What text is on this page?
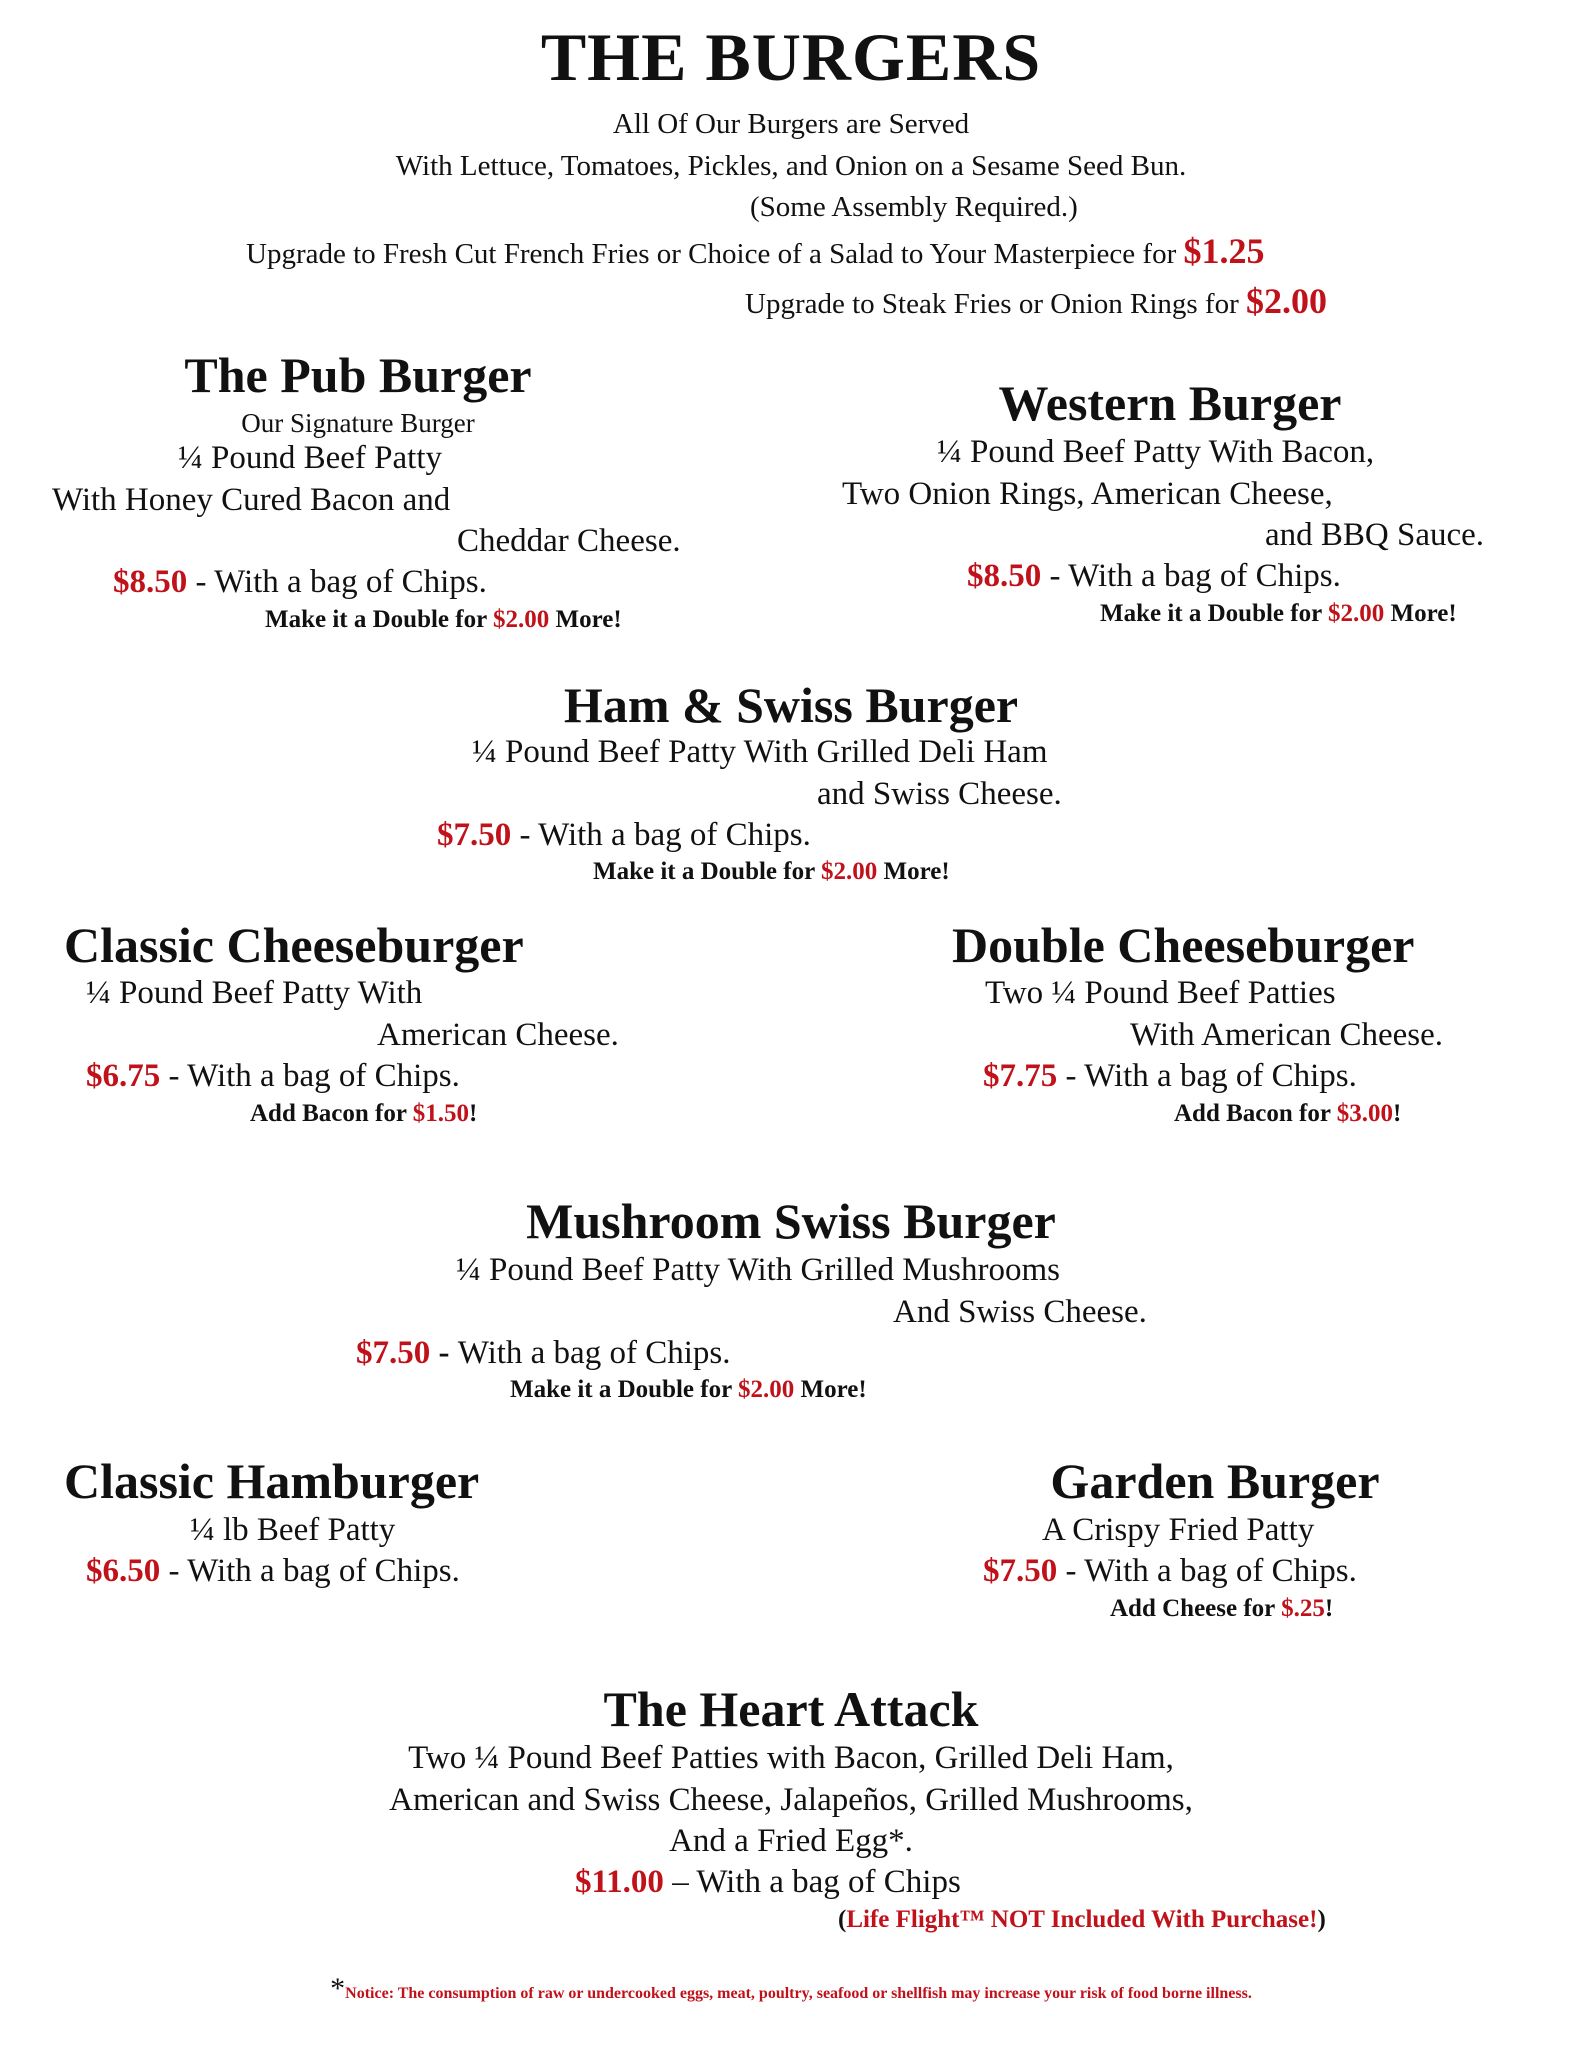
THE BURGERS
All Of Our Burgers are Served
With Lettuce, Tomatoes, Pickles, and Onion on a Sesame Seed Bun.
(Some Assembly Required.)
Upgrade to Fresh Cut French Fries or Choice of a Salad to Your Masterpiece for $1.25
Upgrade to Steak Fries or Onion Rings for $2.00
The Pub Burger
Our Signature Burger
¼ Pound Beef Patty
With Honey Cured Bacon and
Cheddar Cheese.
$8.50 - With a bag of Chips.
Make it a Double for $2.00 More!
Western Burger
¼ Pound Beef Patty With Bacon,
Two Onion Rings, American Cheese,
and BBQ Sauce.
$8.50 - With a bag of Chips.
Make it a Double for $2.00 More!
Ham & Swiss Burger
¼ Pound Beef Patty With Grilled Deli Ham
and Swiss Cheese.
$7.50 - With a bag of Chips.
Make it a Double for $2.00 More!
Classic Cheeseburger
¼ Pound Beef Patty With
American Cheese.
$6.75 - With a bag of Chips.
Add Bacon for $1.50!
Double Cheeseburger
Two ¼ Pound Beef Patties
With American Cheese.
$7.75 - With a bag of Chips.
Add Bacon for $3.00!
Mushroom Swiss Burger
¼ Pound Beef Patty With Grilled Mushrooms
And Swiss Cheese.
$7.50 - With a bag of Chips.
Make it a Double for $2.00 More!
Classic Hamburger
¼ lb Beef Patty
$6.50 - With a bag of Chips.
Garden Burger
A Crispy Fried Patty
$7.50 - With a bag of Chips.
Add Cheese for $.25!
The Heart Attack
Two ¼ Pound Beef Patties with Bacon, Grilled Deli Ham,
American and Swiss Cheese, Jalapeños, Grilled Mushrooms,
And a Fried Egg*.
$11.00 – With a bag of Chips
(Life Flight™ NOT Included With Purchase!)
*Notice: The consumption of raw or undercooked eggs, meat, poultry, seafood or shellfish may increase your risk of food borne illness.
